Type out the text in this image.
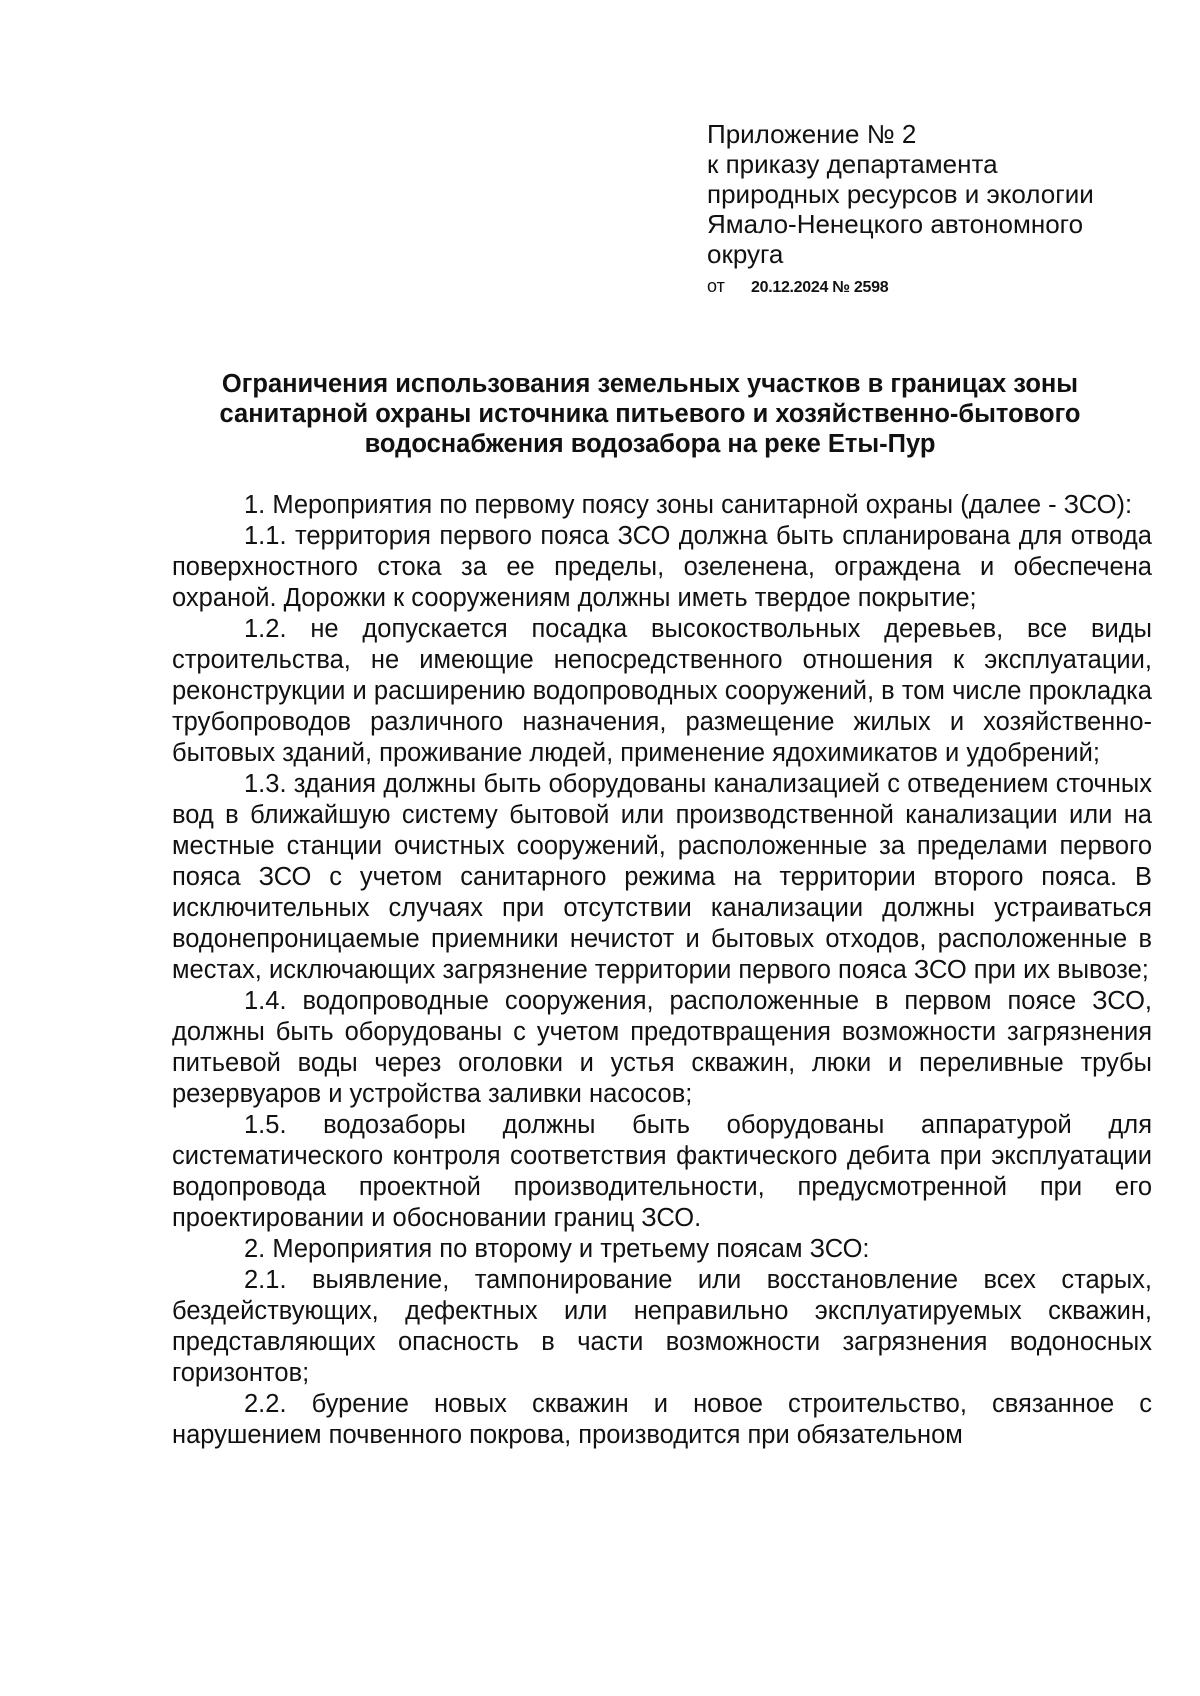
Приложение № 2
к приказу департамента
природных ресурсов и экологии
Ямало-Ненецкого автономного
округа
от 20.12.2024 № 2598
Ограничения использования земельных участков в границах зоны
санитарной охраны источника питьевого и хозяйственно-бытового
водоснабжения водозабора на реке Еты-Пур

1. Мероприятия по первому поясу зоны санитарной охраны (далее - ЗСО):

1.1. территория первого пояса ЗСО должна быть спланирована для отвода поверхностного стока за ее пределы, озеленена, ограждена и обеспечена охраной. Дорожки к сооружениям должны иметь твердое покрытие;

1.2. не допускается посадка высокоствольных деревьев, все виды строительства, не имеющие непосредственного отношения к эксплуатации, реконструкции и расширению водопроводных сооружений, в том числе прокладка трубопроводов различного назначения, размещение жилых и хозяйственно-бытовых зданий, проживание людей, применение ядохимикатов и удобрений;

1.3. здания должны быть оборудованы канализацией с отведением сточных вод в ближайшую систему бытовой или производственной канализации или на местные станции очистных сооружений, расположенные за пределами первого пояса ЗСО с учетом санитарного режима на территории второго пояса. В исключительных случаях при отсутствии канализации должны устраиваться водонепроницаемые приемники нечистот и бытовых отходов, расположенные в местах, исключающих загрязнение территории первого пояса ЗСО при их вывозе;

1.4. водопроводные сооружения, расположенные в первом поясе ЗСО, должны быть оборудованы с учетом предотвращения возможности загрязнения питьевой воды через оголовки и устья скважин, люки и переливные трубы резервуаров и устройства заливки насосов;

1.5. водозаборы должны быть оборудованы аппаратурой для систематического контроля соответствия фактического дебита при эксплуатации водопровода проектной производительности, предусмотренной при его проектировании и обосновании границ ЗСО.

2. Мероприятия по второму и третьему поясам ЗСО:

2.1. выявление, тампонирование или восстановление всех старых, бездействующих, дефектных или неправильно эксплуатируемых скважин, представляющих опасность в части возможности загрязнения водоносных горизонтов;

2.2. бурение новых скважин и новое строительство, связанное с нарушением почвенного покрова, производится при обязательном
